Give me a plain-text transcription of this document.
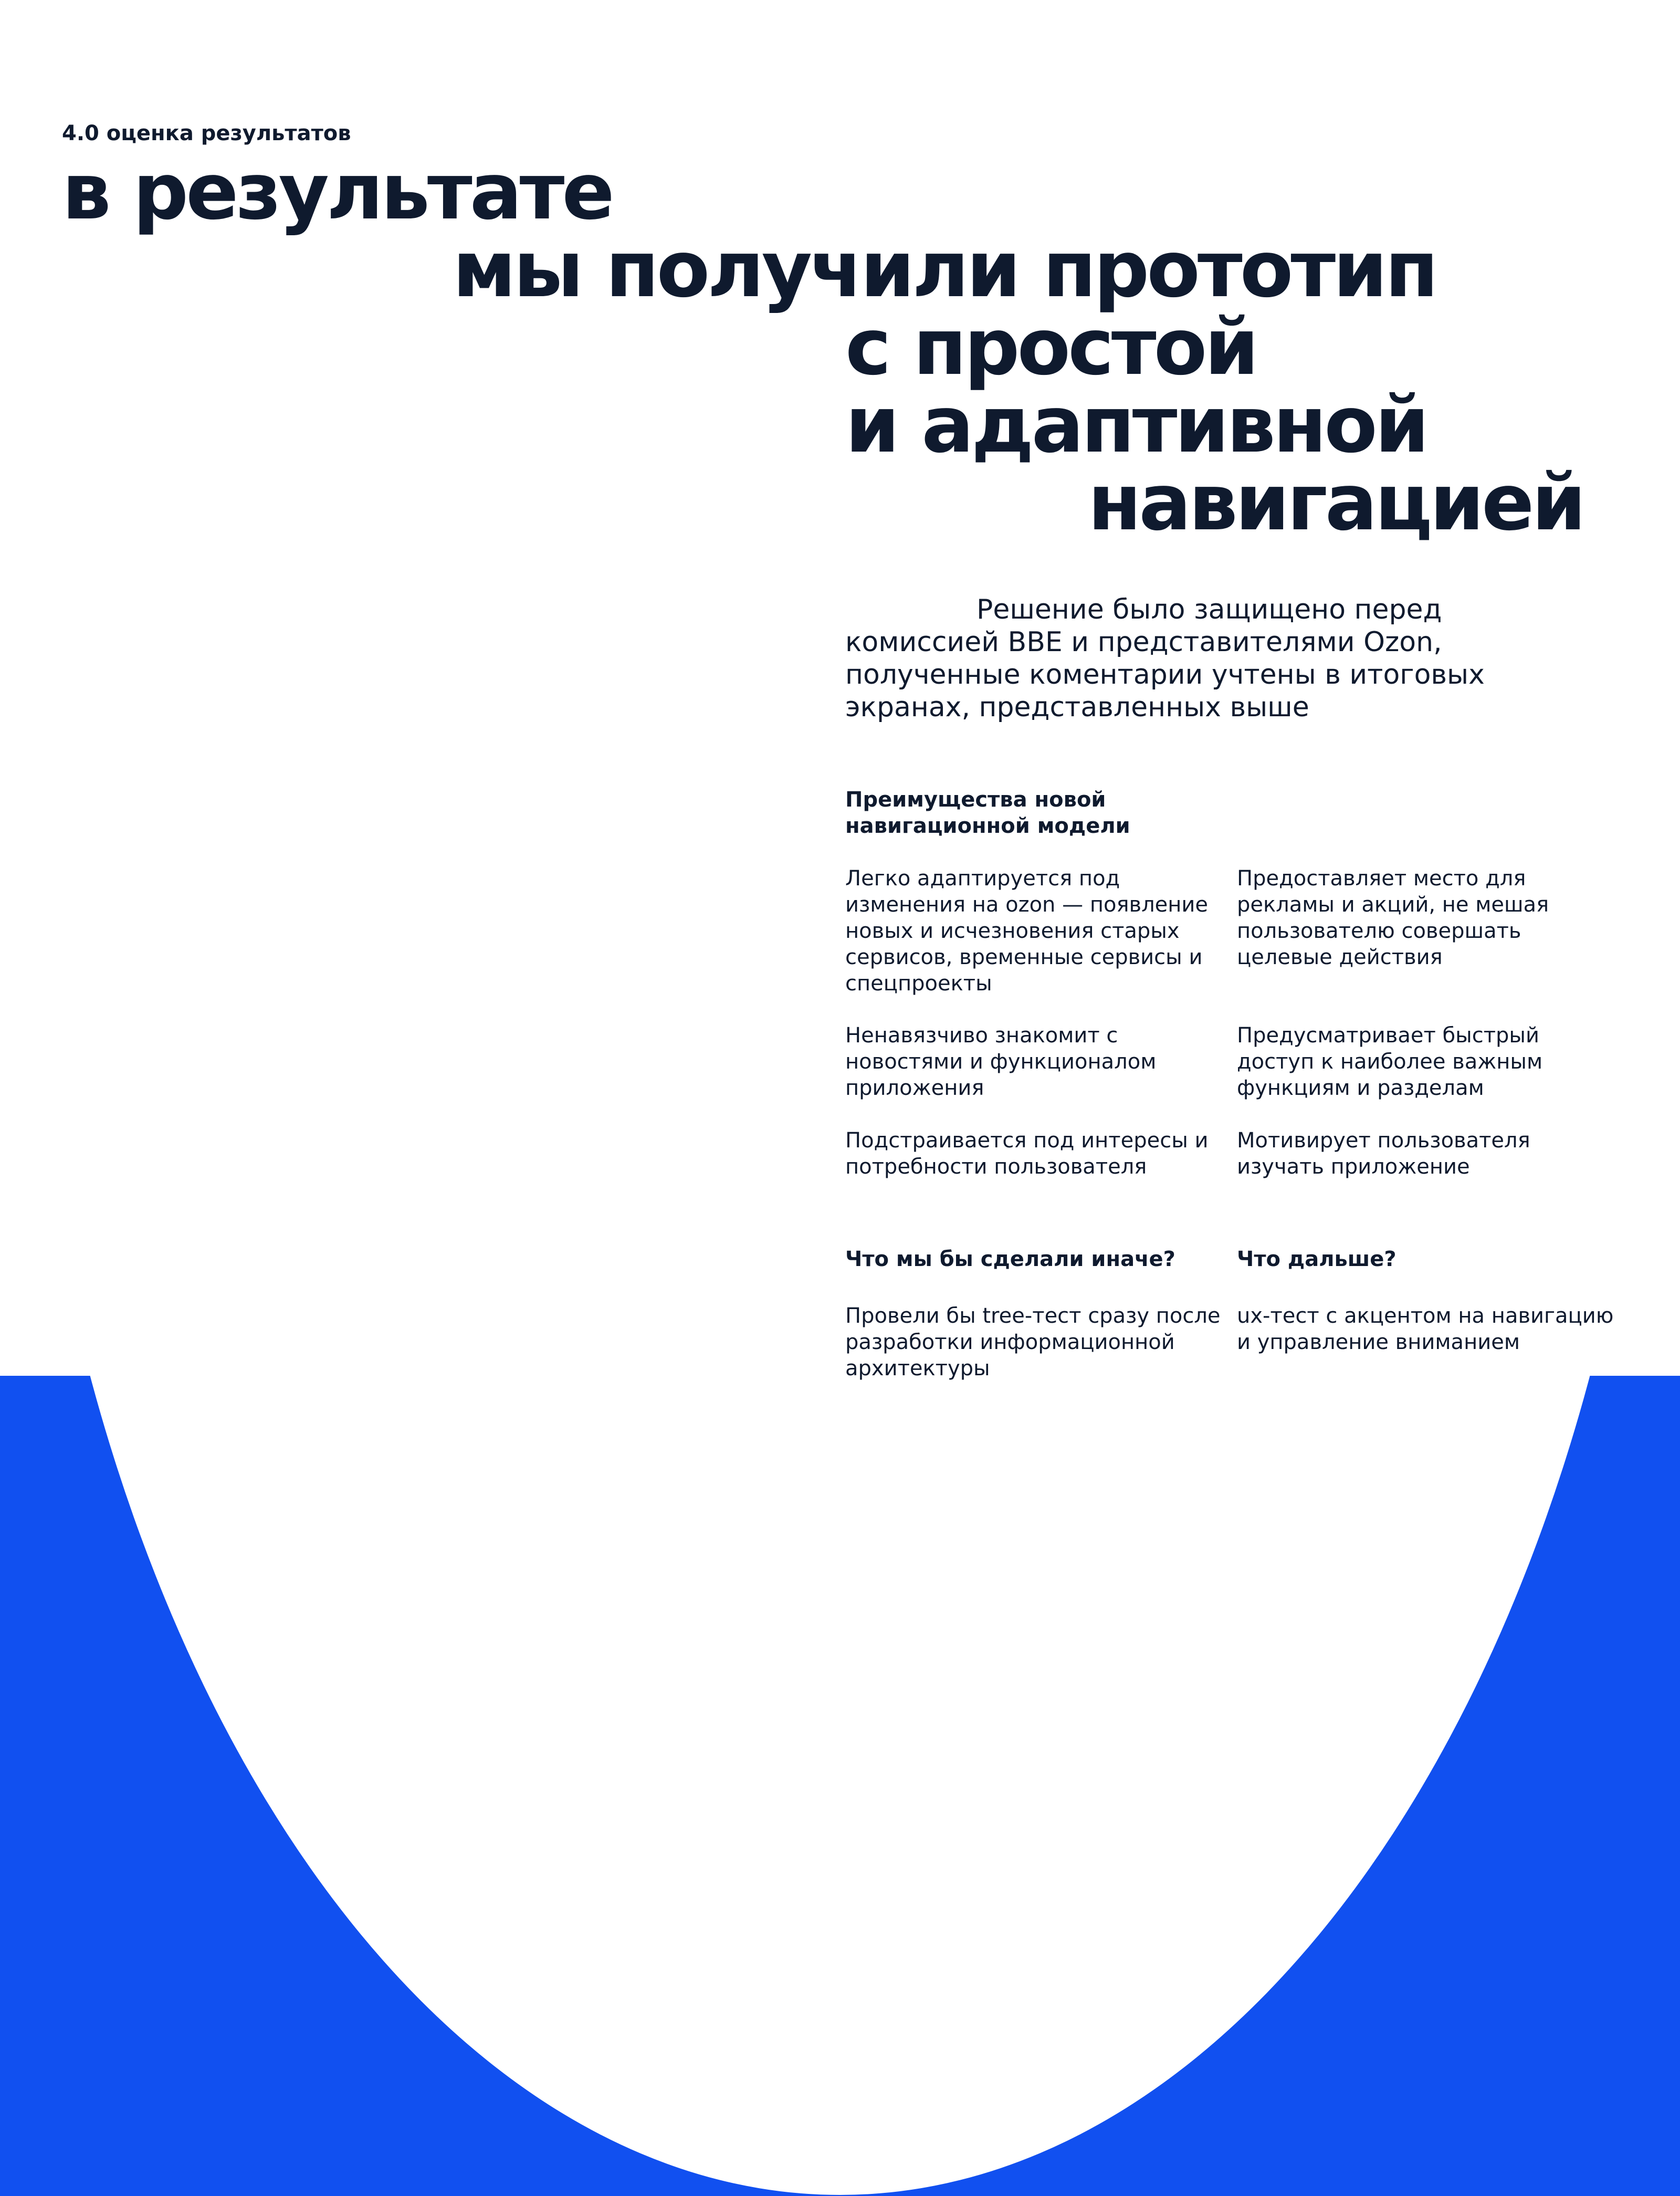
4.0 оценка результатов
в результате
мы получили прототип
с простой
и адаптивной
навигацией

Решение было защищено перед комиссией ВВЕ и представителями Ozon, полученные коментарии учтены в итоговых экранах, представленных выше

Преимущества новой навигационной модели

Легко адаптируется под изменения на ozon — появление новых и исчезновения старых сервисов, временные сервисы и спецпроекты

Предоставляет место для рекламы и акций, не мешая пользователю совершать целевые действия

Ненавязчиво знакомит с новостями и функционалом приложения

Предусматривает быстрый доступ к наиболее важным функциям и разделам

Подстраивается под интересы и потребности пользователя

Мотивирует пользователя изучать приложение

Что мы бы сделали иначе?	Что дальше?

Провели бы tree-тест сразу после разработки информационной архитектуры

ux-тест с акцентом на навигацию и управление вниманием
